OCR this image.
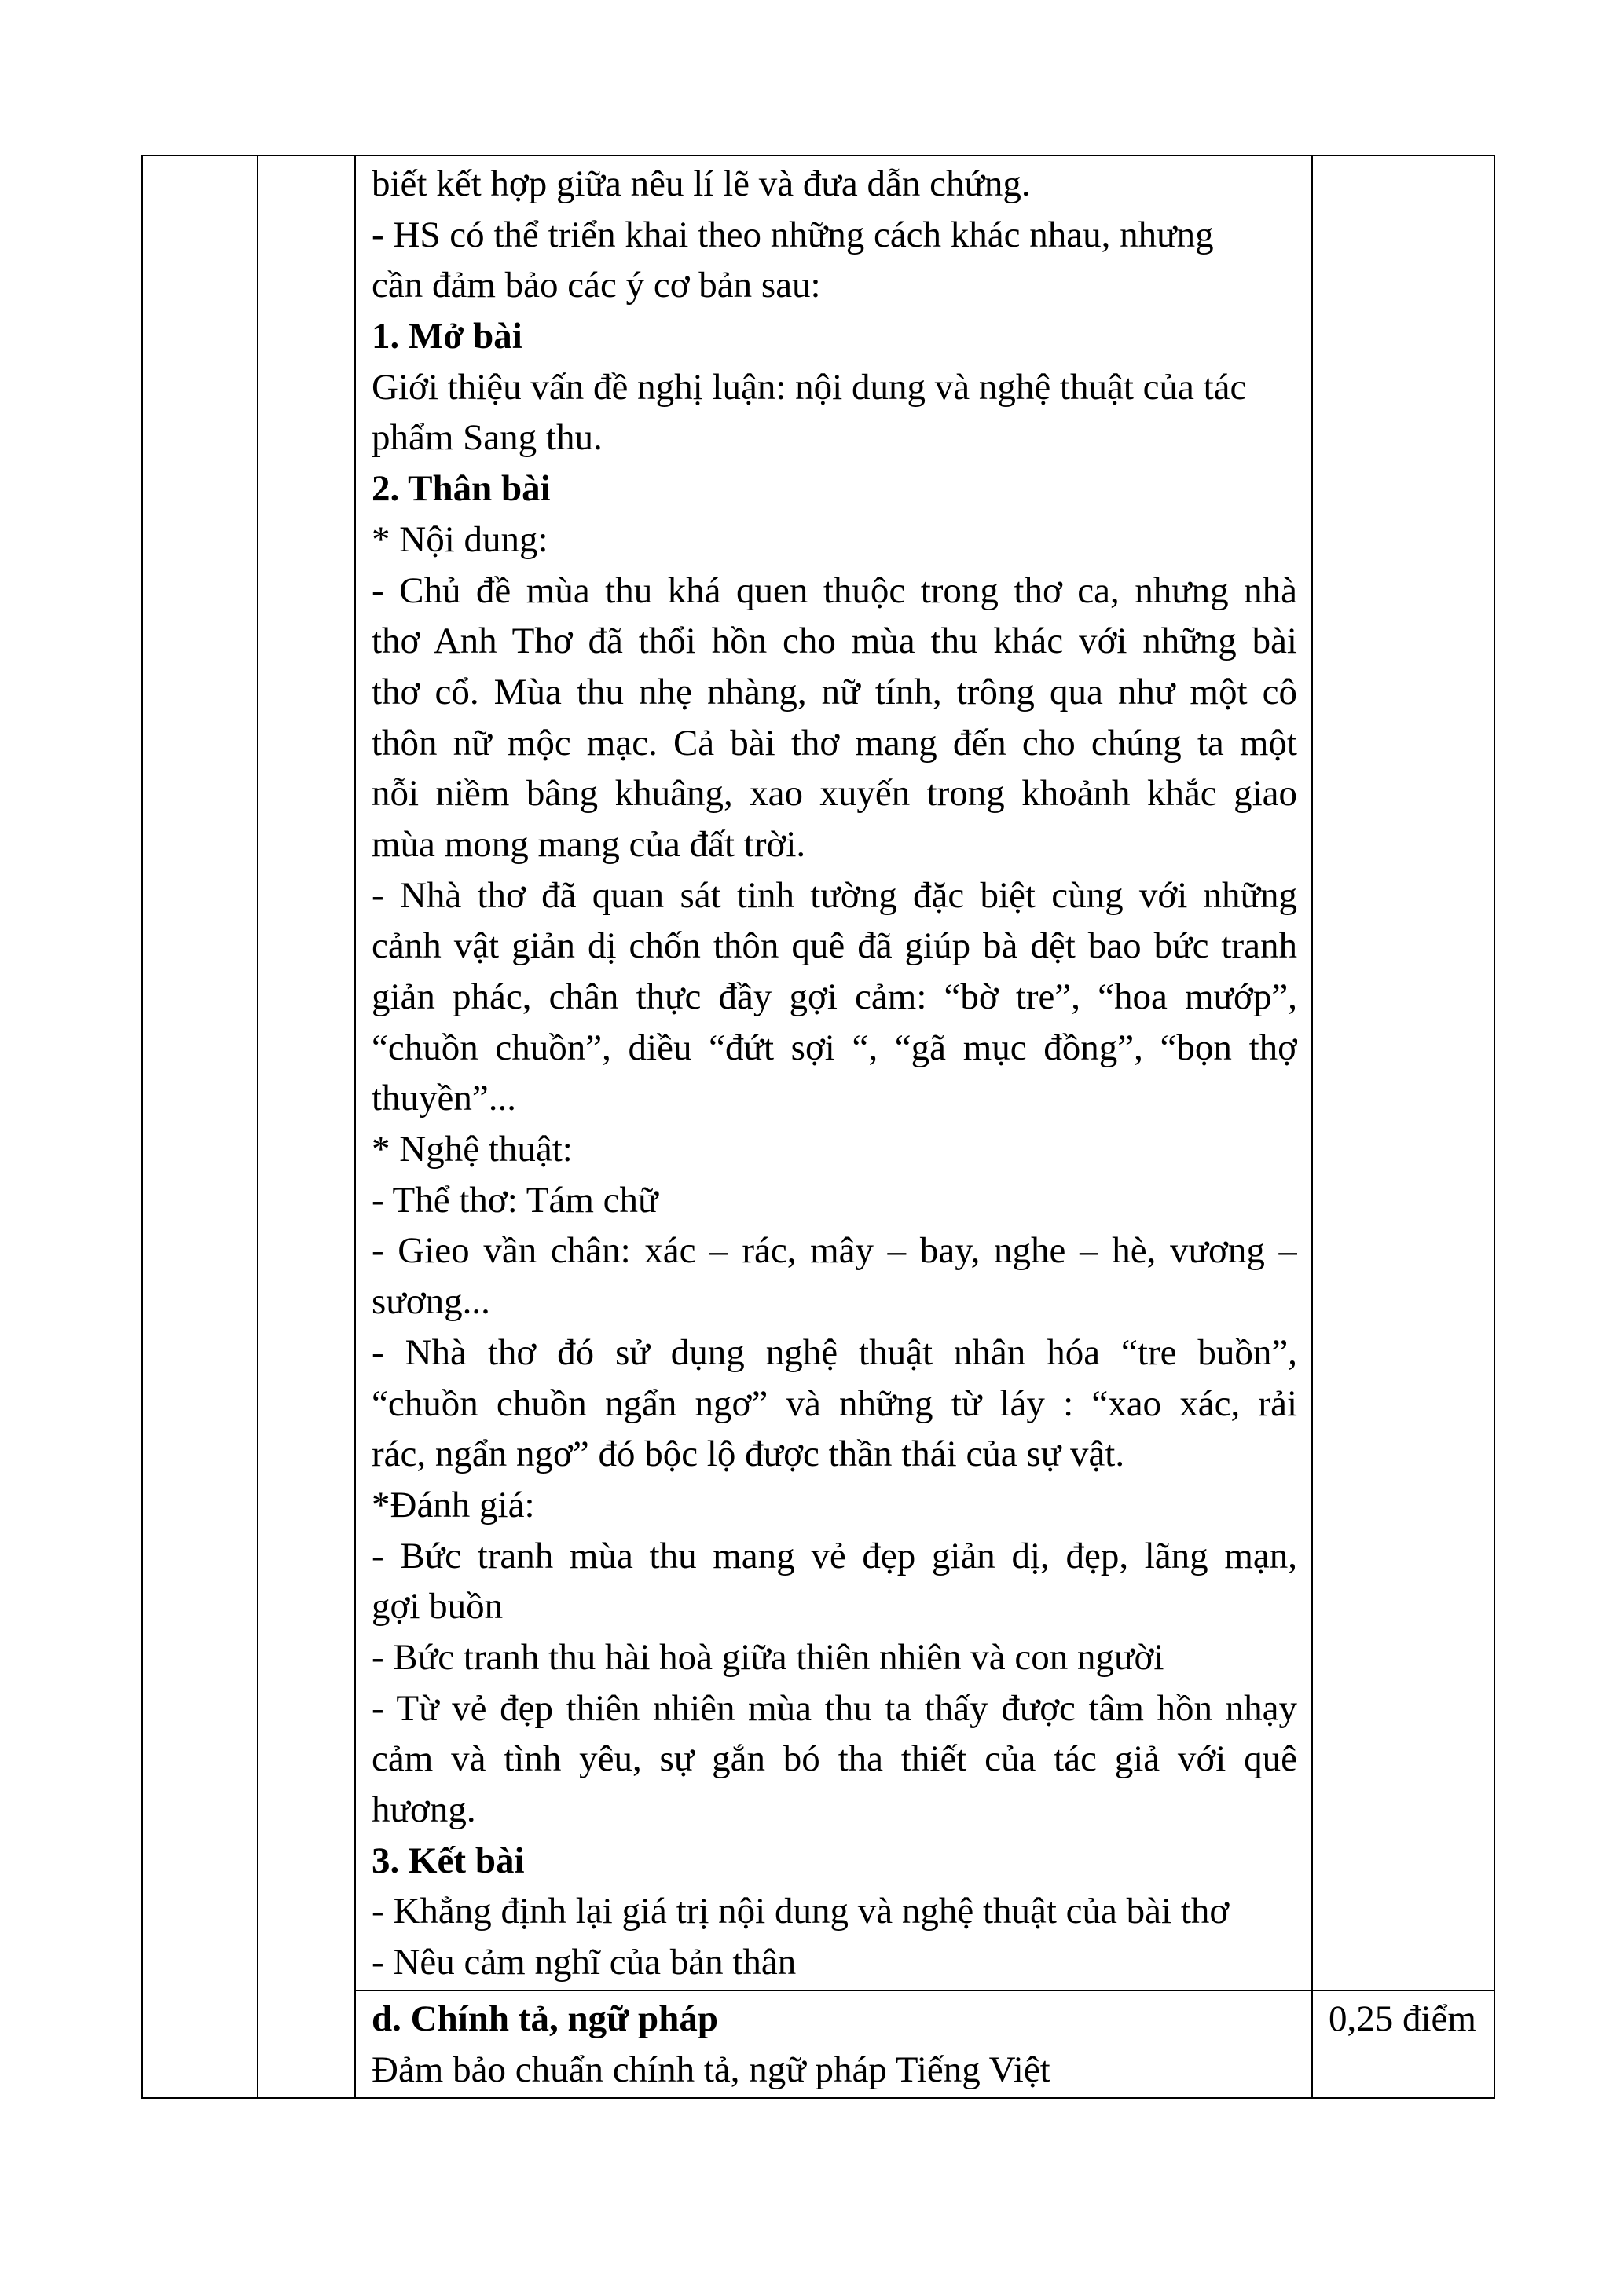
biết kết hợp giữa nêu lí lẽ và đưa dẫn chứng.
- HS có thể triển khai theo những cách khác nhau, nhưng
cần đảm bảo các ý cơ bản sau:
1. Mở bài
Giới thiệu vấn đề nghị luận: nội dung và nghệ thuật của tác
phẩm Sang thu.
2. Thân bài
* Nội dung:
- Chủ đề mùa thu khá quen thuộc trong thơ ca, nhưng nhà
thơ Anh Thơ đã thổi hồn cho mùa thu khác với những bài
thơ cổ. Mùa thu nhẹ nhàng, nữ tính, trông qua như một cô
thôn nữ mộc mạc. Cả bài thơ mang đến cho chúng ta một
nỗi niềm bâng khuâng, xao xuyến trong khoảnh khắc giao
mùa mong mang của đất trời.
- Nhà thơ đã quan sát tinh tường đặc biệt cùng với những
cảnh vật giản dị chốn thôn quê đã giúp bà dệt bao bức tranh
giản phác, chân thực đầy gợi cảm: “bờ tre”, “hoa mướp”,
“chuồn chuồn”, diều “đứt sợi “, “gã mục đồng”, “bọn thợ
thuyền”...
* Nghệ thuật:
- Thể thơ: Tám chữ
- Gieo vần chân: xác – rác, mây – bay, nghe – hè, vương –
sương...
- Nhà thơ đó sử dụng nghệ thuật nhân hóa “tre buồn”,
“chuồn chuồn ngẩn ngơ” và những từ láy : “xao xác, rải
rác, ngẩn ngơ” đó bộc lộ được thần thái của sự vật.
*Đánh giá:
- Bức tranh mùa thu mang vẻ đẹp giản dị, đẹp, lãng mạn,
gợi buồn
- Bức tranh thu hài hoà giữa thiên nhiên và con người
- Từ vẻ đẹp thiên nhiên mùa thu ta thấy được tâm hồn nhạy
cảm và tình yêu, sự gắn bó tha thiết của tác giả với quê
hương.
3. Kết bài
- Khẳng định lại giá trị nội dung và nghệ thuật của bài thơ
- Nêu cảm nghĩ của bản thân
d. Chính tả, ngữ pháp
Đảm bảo chuẩn chính tả, ngữ pháp Tiếng Việt
0,25 điểm
